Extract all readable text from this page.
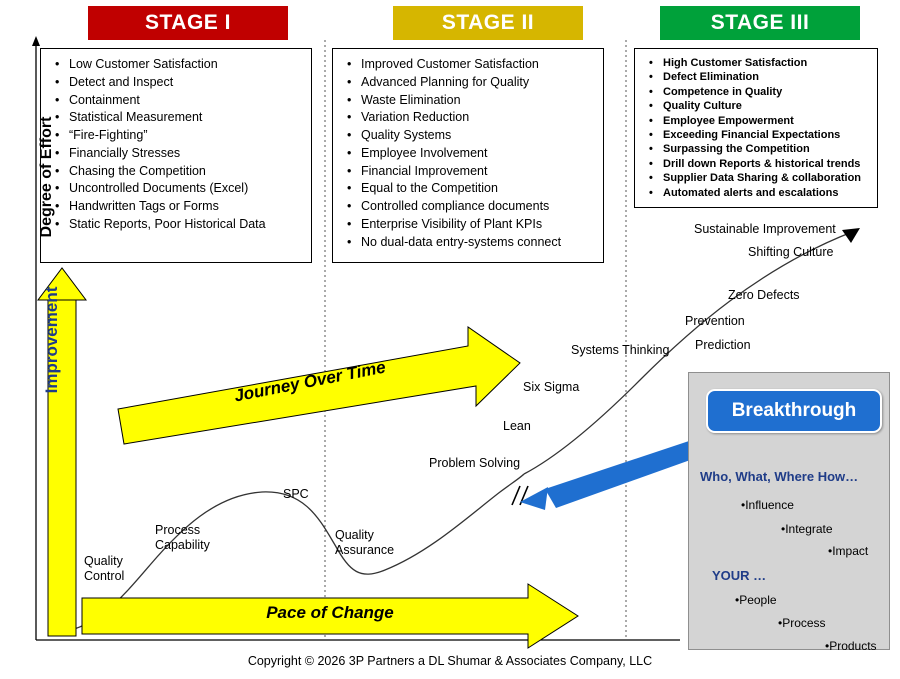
STAGE I	STAGE II	STAGE III
• Low Customer Satisfaction
• Detect and Inspect
• Containment
• Statistical Measurement
• “Fire-Fighting”
• Financially Stresses
• Chasing the Competition
• Uncontrolled Documents (Excel)
• Handwritten Tags or Forms
• Static Reports, Poor Historical Data
• Improved Customer Satisfaction
• Advanced Planning for Quality
• Waste Elimination
• Variation Reduction
• Quality Systems
• Employee Involvement
• Financial Improvement
• Equal to the Competition
• Controlled compliance documents
• Enterprise Visibility of Plant KPIs
• No dual-data entry-systems connect
• High Customer Satisfaction
• Defect Elimination
• Competence in Quality
• Quality Culture
• Employee Empowerment
• Exceeding Financial Expectations
• Surpassing the Competition
• Drill down Reports & historical trends
• Supplier Data Sharing & collaboration
• Automated alerts and escalations
Improvement
Degree of Effort
Journey Over Time
Pace of Change
Quality
Control
Process
Capability
SPC
Quality
Assurance
Problem Solving
Lean
Six Sigma
Systems Thinking Prediction
Prevention
Zero Defects
Shifting Culture
Sustainable Improvement
Breakthrough
Who, What, Where How…
•Influence
•Integrate
•Impact
YOUR …
•People
•Process
•Products
Copyright © 2026 3P Partners a DL Shumar & Associates Company, LLC
